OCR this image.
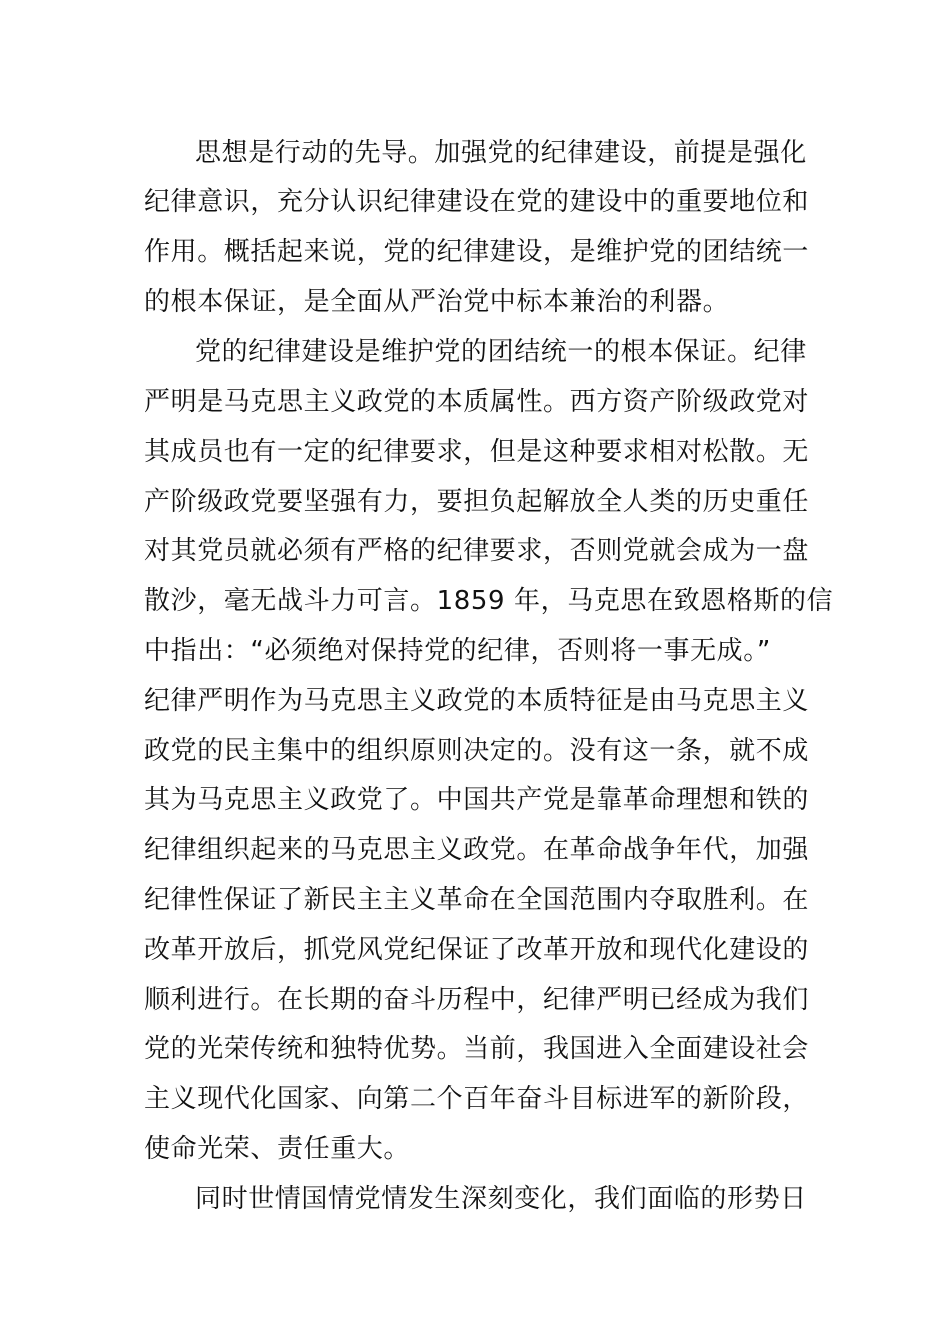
思想是行动的先导。加强党的纪律建设，前提是强化
纪律意识，充分认识纪律建设在党的建设中的重要地位和
作用。概括起来说，党的纪律建设，是维护党的团结统一
的根本保证，是全面从严治党中标本兼治的利器。
党的纪律建设是维护党的团结统一的根本保证。纪律
严明是马克思主义政党的本质属性。西方资产阶级政党对
其成员也有一定的纪律要求，但是这种要求相对松散。无
产阶级政党要坚强有力，要担负起解放全人类的历史重任
对其党员就必须有严格的纪律要求，否则党就会成为一盘
散沙，毫无战斗力可言。1859 年，马克思在致恩格斯的信
中指出：“必须绝对保持党的纪律，否则将一事无成。”
纪律严明作为马克思主义政党的本质特征是由马克思主义
政党的民主集中的组织原则决定的。没有这一条，就不成
其为马克思主义政党了。中国共产党是靠革命理想和铁的
纪律组织起来的马克思主义政党。在革命战争年代，加强
纪律性保证了新民主主义革命在全国范围内夺取胜利。在
改革开放后，抓党风党纪保证了改革开放和现代化建设的
顺利进行。在长期的奋斗历程中，纪律严明已经成为我们
党的光荣传统和独特优势。当前，我国进入全面建设社会
主义现代化国家、向第二个百年奋斗目标进军的新阶段，
使命光荣、责任重大。
同时世情国情党情发生深刻变化，我们面临的形势日
